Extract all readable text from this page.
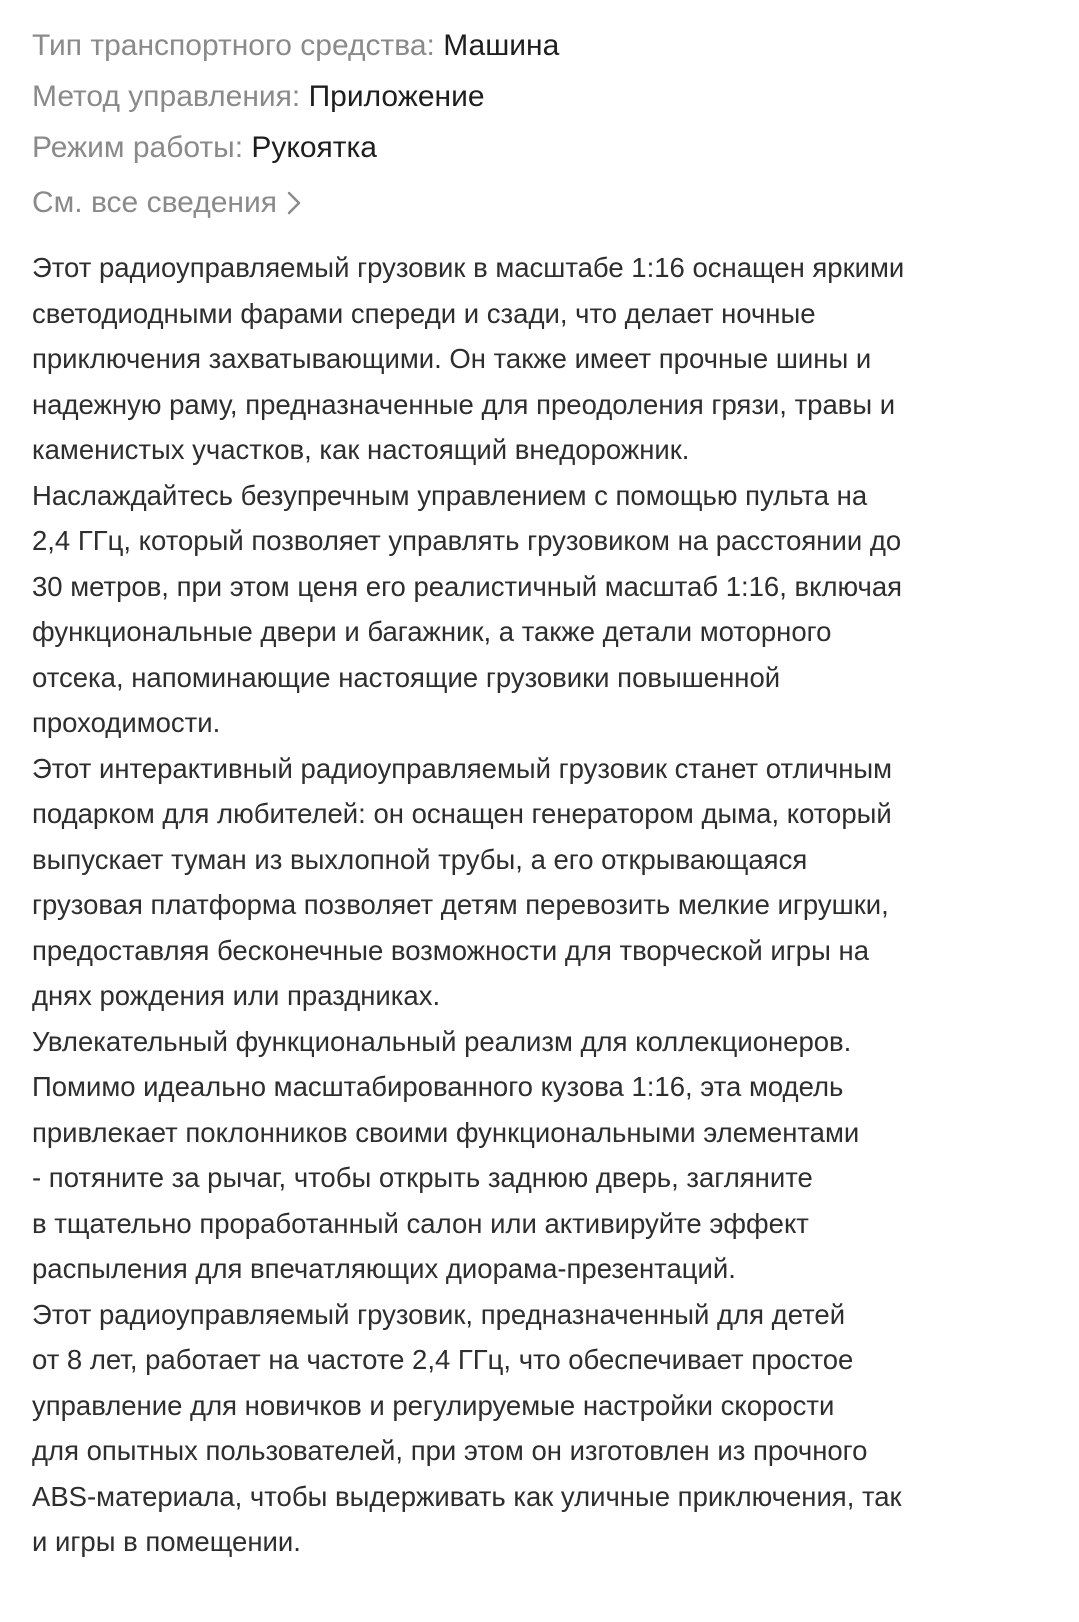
Тип транспортного средства: Машина
Метод управления: Приложение
Режим работы: Рукоятка
См. все сведения
Этот радиоуправляемый грузовик в масштабе 1:16 оснащен яркими
светодиодными фарами спереди и сзади, что делает ночные
приключения захватывающими. Он также имеет прочные шины и
надежную раму, предназначенные для преодоления грязи, травы и
каменистых участков, как настоящий внедорожник.
Наслаждайтесь безупречным управлением с помощью пульта на
2,4 ГГц, который позволяет управлять грузовиком на расстоянии до
30 метров, при этом ценя его реалистичный масштаб 1:16, включая
функциональные двери и багажник, а также детали моторного
отсека, напоминающие настоящие грузовики повышенной
проходимости.
Этот интерактивный радиоуправляемый грузовик станет отличным
подарком для любителей: он оснащен генератором дыма, который
выпускает туман из выхлопной трубы, а его открывающаяся
грузовая платформа позволяет детям перевозить мелкие игрушки,
предоставляя бесконечные возможности для творческой игры на
днях рождения или праздниках.
Увлекательный функциональный реализм для коллекционеров.
Помимо идеально масштабированного кузова 1:16, эта модель
привлекает поклонников своими функциональными элементами
- потяните за рычаг, чтобы открыть заднюю дверь, загляните
в тщательно проработанный салон или активируйте эффект
распыления для впечатляющих диорама-презентаций.
Этот радиоуправляемый грузовик, предназначенный для детей
от 8 лет, работает на частоте 2,4 ГГц, что обеспечивает простое
управление для новичков и регулируемые настройки скорости
для опытных пользователей, при этом он изготовлен из прочного
ABS-материала, чтобы выдерживать как уличные приключения, так
и игры в помещении.
